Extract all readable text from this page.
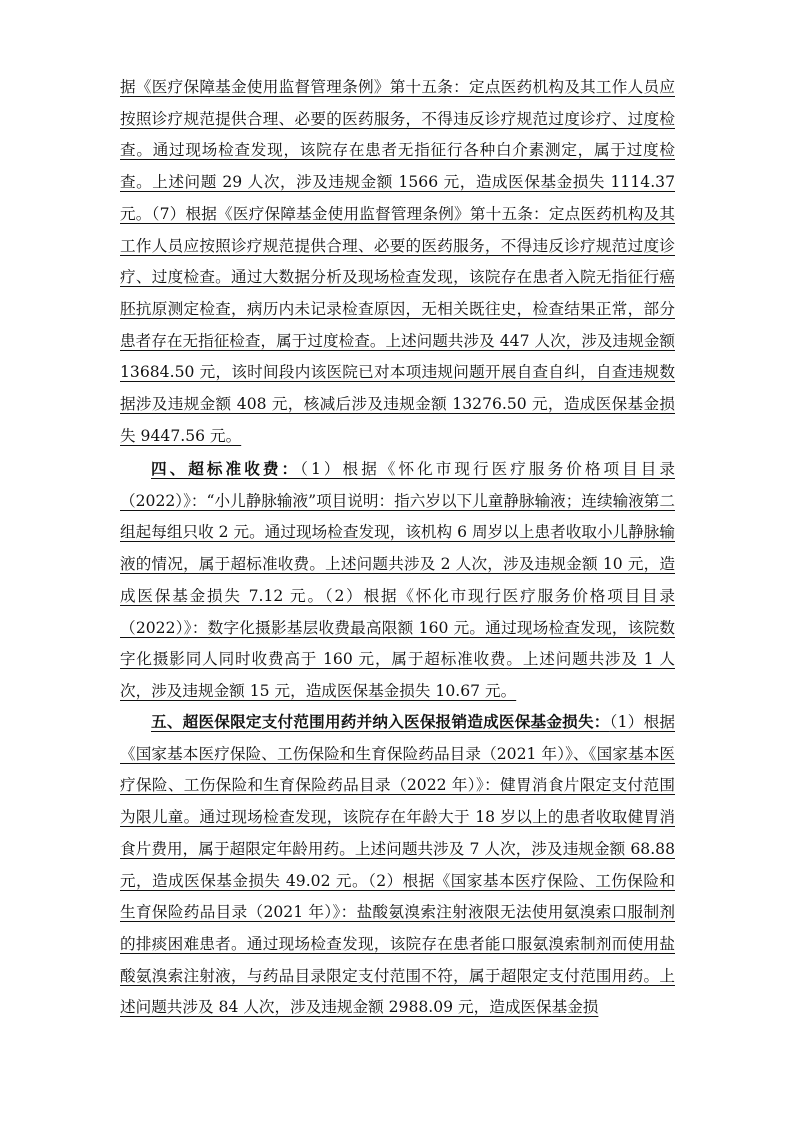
据《医疗保障基金使用监督管理条例》第十五条：定点医药机构及其工作人员应按照诊疗规范提供合理、必要的医药服务，不得违反诊疗规范过度诊疗、过度检查。通过现场检查发现，该院存在患者无指征行各种白介素测定，属于过度检查。上述问题 29 人次，涉及违规金额 1566 元，造成医保基金损失 1114.37 元。（7）根据《医疗保障基金使用监督管理条例》第十五条：定点医药机构及其工作人员应按照诊疗规范提供合理、必要的医药服务，不得违反诊疗规范过度诊疗、过度检查。通过大数据分析及现场检查发现，该院存在患者入院无指征行癌胚抗原测定检查，病历内未记录检查原因，无相关既往史，检查结果正常，部分患者存在无指征检查，属于过度检查。上述问题共涉及 447 人次，涉及违规金额 13684.50 元，该时间段内该医院已对本项违规问题开展自查自纠，自查违规数据涉及违规金额 408 元，核减后涉及违规金额 13276.50 元，造成医保基金损失 9447.56 元。

四、超标准收费：（1）根据《怀化市现行医疗服务价格项目目录（2022）》：“小儿静脉输液”项目说明：指六岁以下儿童静脉输液；连续输液第二组起每组只收 2 元。通过现场检查发现，该机构 6 周岁以上患者收取小儿静脉输液的情况，属于超标准收费。上述问题共涉及 2 人次，涉及违规金额 10 元，造成医保基金损失 7.12 元。（2）根据《怀化市现行医疗服务价格项目目录（2022）》：数字化摄影基层收费最高限额 160 元。通过现场检查发现，该院数字化摄影同人同时收费高于 160 元，属于超标准收费。上述问题共涉及 1 人次，涉及违规金额 15 元，造成医保基金损失 10.67 元。

五、超医保限定支付范围用药并纳入医保报销造成医保基金损失：（1）根据《国家基本医疗保险、工伤保险和生育保险药品目录（2021 年）》、《国家基本医疗保险、工伤保险和生育保险药品目录（2022 年）》：健胃消食片限定支付范围为限儿童。通过现场检查发现，该院存在年龄大于 18 岁以上的患者收取健胃消食片费用，属于超限定年龄用药。上述问题共涉及 7 人次，涉及违规金额 68.88 元，造成医保基金损失 49.02 元。（2）根据《国家基本医疗保险、工伤保险和生育保险药品目录（2021 年）》：盐酸氨溴索注射液限无法使用氨溴索口服制剂的排痰困难患者。通过现场检查发现，该院存在患者能口服氨溴索制剂而使用盐酸氨溴索注射液，与药品目录限定支付范围不符，属于超限定支付范围用药。上述问题共涉及 84 人次，涉及违规金额 2988.09 元，造成医保基金损
